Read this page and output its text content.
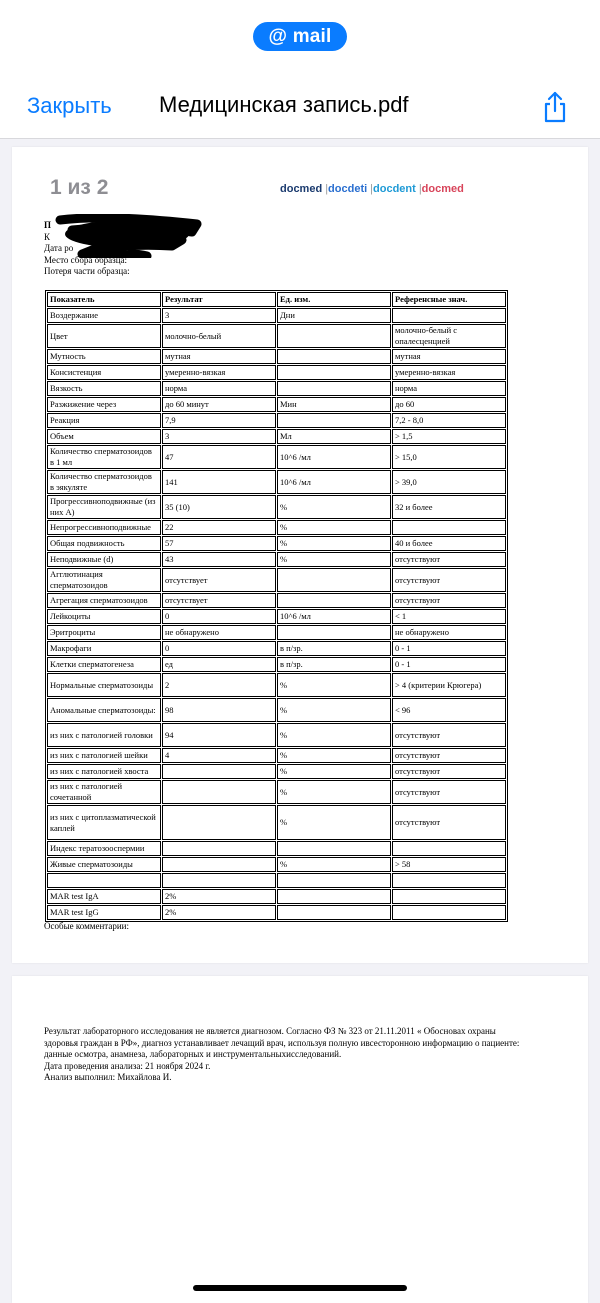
@ mail
Закрыть Медицинская запись.pdf
1 из 2	docmed |docdeti |docdent |docmed
П
К
Дата ро
Место сбора образца:
Потеря части образца:
Показатель	Результат	Ед. изм.	Референсные знач.
Воздержание	3	Дни	
Цвет	молочно-белый		молочно-белый с опалесценцией
Мутность	мутная		мутная
Консистенция	умеренно-вязкая		умеренно-вязкая
Вязкость	норма		норма
Разжижение через	до 60 минут	Мин	до 60
Реакция	7,9		7,2 - 8,0
Объем	3	Мл	> 1,5
Количество сперматозоидов в 1 мл	47	10^6 /мл	> 15,0
Количество сперматозоидов в эякуляте	141	10^6 /мл	> 39,0
Прогрессивноподвижные (из них А)	35 (10)	%	32 и более
Непрогрессивноподвижные	22	%	
Общая подвижность	57	%	40 и более
Неподвижные (d)	43	%	отсутствуют
Агглютинация сперматозоидов	отсутствует		отсутствуют
Агрегация сперматозоидов	отсутствует		отсутствуют
Лейкоциты	0	10^6 /мл	< 1
Эритроциты	не обнаружено		не обнаружено
Макрофаги	0	в п/зр.	0 - 1
Клетки сперматогенеза	ед	в п/зр.	0 - 1
Нормальные сперматозоиды	2	%	> 4 (критерии Крюгера)
Аномальные сперматозоиды:	98	%	< 96
из них с патологией головки	94	%	отсутствуют
из них с патологией шейки	4	%	отсутствуют
из них с патологией хвоста		%	отсутствуют
из них с патологией сочетанной		%	отсутствуют
из них с цитоплазматической каплей		%	отсутствуют
Индекс тератозооспермии			
Живые сперматозоиды		%	> 58

MAR test IgA	2%		
MAR test IgG	2%		
Особые комментарии:
Результат лабораторного исследования не является диагнозом. Согласно ФЗ № 323 от 21.11.2011 « Обосновах охраны здоровья граждан в РФ», диагноз устанавливает лечащий врач, используя полную ивсесторонною информацию о пациенте: данные осмотра, анамнеза, лабораторных и инструментальныхисследований.
Дата проведения анализа: 21 ноября 2024 г.
Анализ выполнил: Михайлова И.
